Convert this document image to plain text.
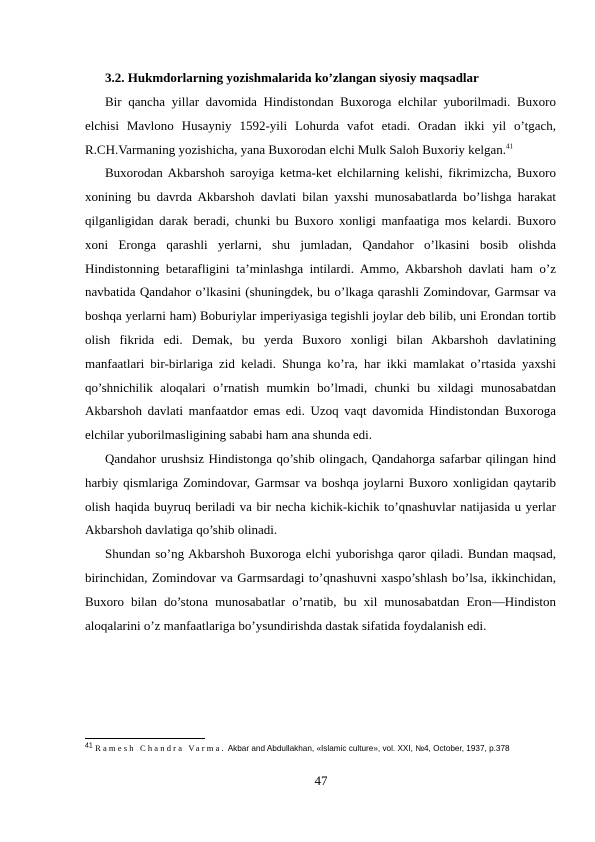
3.2. Hukmdorlarning yozishmalarida ko’zlangan siyosiy maqsadlar

Bir qancha yillar davomida Hindistondan Buxoroga elchilar yuborilmadi. Buxoro elchisi Mavlono Husayniy 1592-yili Lohurda vafot etadi. Oradan ikki yil o’tgach, R.CH.Varmaning yozishicha, yana Buxorodan elchi Mulk Saloh Buxoriy kelgan.$^{41}$

Buxorodan Akbarshoh saroyiga ketma-ket elchilarning kelishi, fikrimizcha, Buxoro xonining bu davrda Akbarshoh davlati bilan yaxshi munosabatlarda bo’lishga harakat qilganligidan darak beradi, chunki bu Buxoro xonligi manfaatiga mos kelardi. Buxoro xoni Eronga qarashli yerlarni, shu jumladan, Qandahor o’lkasini bosib olishda Hindistonning betarafligini ta’minlashga intilardi. Ammo, Akbarshoh davlati ham o’z navbatida Qandahor o’lkasini (shuningdek, bu o’lkaga qarashli Zomindovar, Garmsar va boshqa yerlarni ham) Boburiylar imperiyasiga tegishli joylar deb bilib, uni Erondan tortib olish fikrida edi. Demak, bu yerda Buxoro xonligi bilan Akbarshoh davlatining manfaatlari bir-birlariga zid keladi. Shunga ko’ra, har ikki mamlakat o’rtasida yaxshi qo’shnichilik aloqalari o’rnatish mumkin bo’lmadi, chunki bu xildagi munosabatdan Akbarshoh davlati manfaatdor emas edi. Uzoq vaqt davomida Hindistondan Buxoroga elchilar yuborilmasligining sababi ham ana shunda edi.

Qandahor urushsiz Hindistonga qo’shib olingach, Qandahorga safarbar qilingan hind harbiy qismlariga Zomindovar, Garmsar va boshqa joylarni Buxoro xonligidan qaytarib olish haqida buyruq beriladi va bir necha kichik-kichik to’qnashuvlar natijasida u yerlar Akbarshoh davlatiga qo’shib olinadi.

Shundan so’ng Akbarshoh Buxoroga elchi yuborishga qaror qiladi. Bundan maqsad, birinchidan, Zomindovar va Garmsardagi to’qnashuvni xaspo’shlash bo’lsa, ikkinchidan, Buxoro bilan do’stona munosabatlar o’rnatib, bu xil munosabatdan Eron—Hindiston aloqalarini o’z manfaatlariga bo’ysundirishda dastak sifatida foydalanish edi.

$^{41}$ Ramesh Chandra Varma. Akbar and Abdullakhan, «Islamic culture», vol. XXI, №4, October, 1937, p.378
47
